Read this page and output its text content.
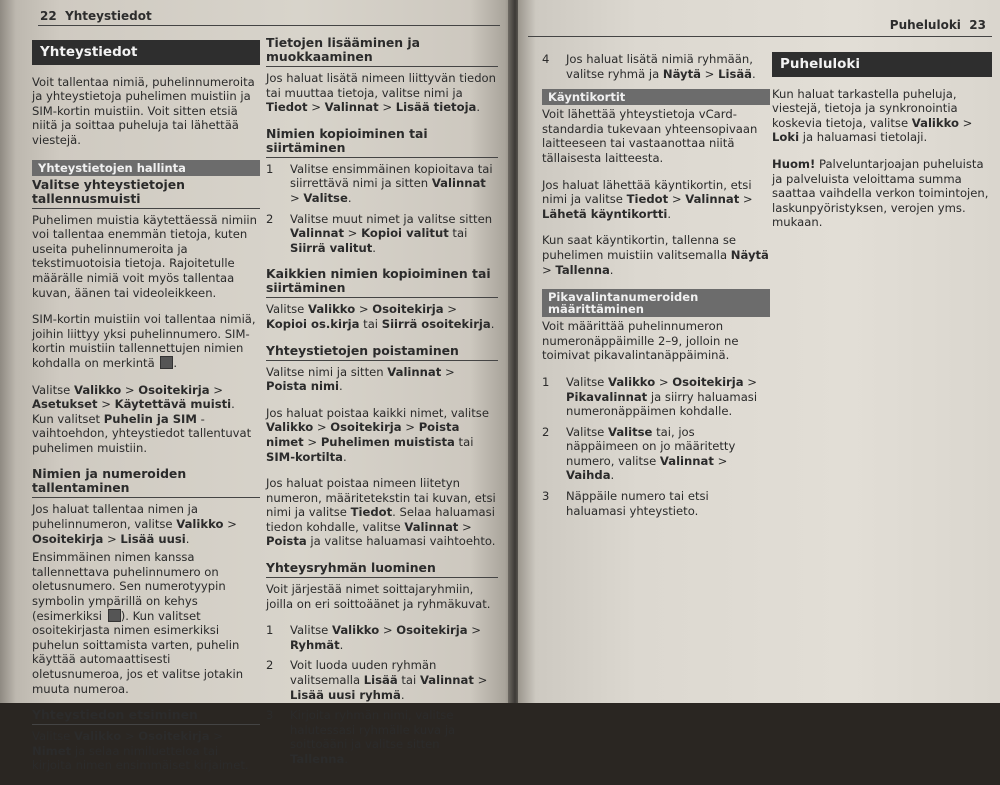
22 Yhteystiedot
Yhteystiedot

Voit tallentaa nimiä, puhelinnumeroita ja yhteystietoja puhelimen muistiin ja SIM-kortin muistiin. Voit sitten etsiä niitä ja soittaa puheluja tai lähettää viestejä.

Yhteystietojen hallinta
Valitse yhteystietojen tallennusmuisti

Puhelimen muistia käytettäessä nimiin voi tallentaa enemmän tietoja, kuten useita puhelinnumeroita ja tekstimuotoisia tietoja. Rajoitetulle määrälle nimiä voit myös tallentaa kuvan, äänen tai videoleikkeen.

SIM-kortin muistiin voi tallentaa nimiä, joihin liittyy yksi puhelinnumero. SIM-kortin muistiin tallennettujen nimien kohdalla on merkintä .

Valitse Valikko > Osoitekirja > Asetukset > Käytettävä muisti. Kun valitset Puhelin ja SIM -vaihtoehdon, yhteystiedot tallentuvat puhelimen muistiin.

Nimien ja numeroiden tallentaminen

Jos haluat tallentaa nimen ja puhelinnumeron, valitse Valikko > Osoitekirja > Lisää uusi.

Ensimmäinen nimen kanssa tallennettava puhelinnumero on oletusnumero. Sen numerotyypin symbolin ympärillä on kehys (esimerkiksi ). Kun valitset osoitekirjasta nimen esimerkiksi puhelun soittamista varten, puhelin käyttää automaattisesti oletusnumeroa, jos et valitse jotakin muuta numeroa.

Yhteystiedon etsiminen

Valitse Valikko > Osoitekirja > Nimet ja selaa nimiluetteloa tai kirjoita nimen ensimmäiset kirjaimet.

Tietojen lisääminen ja muokkaaminen

Jos haluat lisätä nimeen liittyvän tiedon tai muuttaa tietoja, valitse nimi ja Tiedot > Valinnat > Lisää tietoja.

Nimien kopioiminen tai siirtäminen
1 Valitse ensimmäinen kopioitava tai siirrettävä nimi ja sitten Valinnat > Valitse.
2 Valitse muut nimet ja valitse sitten Valinnat > Kopioi valitut tai Siirrä valitut.
Kaikkien nimien kopioiminen tai siirtäminen

Valitse Valikko > Osoitekirja > Kopioi os.kirja tai Siirrä osoitekirja.

Yhteystietojen poistaminen

Valitse nimi ja sitten Valinnat > Poista nimi.

Jos haluat poistaa kaikki nimet, valitse Valikko > Osoitekirja > Poista nimet > Puhelimen muistista tai SIM-kortilta.

Jos haluat poistaa nimeen liitetyn numeron, määritetekstin tai kuvan, etsi nimi ja valitse Tiedot. Selaa haluamasi tiedon kohdalle, valitse Valinnat > Poista ja valitse haluamasi vaihtoehto.

Yhteysryhmän luominen

Voit järjestää nimet soittajaryhmiin, joilla on eri soittoäänet ja ryhmäkuvat.

1 Valitse Valikko > Osoitekirja > Ryhmät.
2 Voit luoda uuden ryhmän valitsemalla Lisää tai Valinnat > Lisää uusi ryhmä.
3 Kirjoita ryhmän nimi, valitse halutessasi ryhmälle kuva ja soittoääni ja valitse sitten Tallenna.
Puheluloki 23
4 Jos haluat lisätä nimiä ryhmään, valitse ryhmä ja Näytä > Lisää.
Käyntikortit

Voit lähettää yhteystietoja vCard-standardia tukevaan yhteensopivaan laitteeseen tai vastaanottaa niitä tällaisesta laitteesta.

Jos haluat lähettää käyntikortin, etsi nimi ja valitse Tiedot > Valinnat > Lähetä käyntikortti.

Kun saat käyntikortin, tallenna se puhelimen muistiin valitsemalla Näytä > Tallenna.

Pikavalintanumeroiden määrittäminen

Voit määrittää puhelinnumeron numeronäppäimille 2–9, jolloin ne toimivat pikavalintanäppäiminä.

1 Valitse Valikko > Osoitekirja > Pikavalinnat ja siirry haluamasi numeronäppäimen kohdalle.
2 Valitse Valitse tai, jos näppäimeen on jo määritetty numero, valitse Valinnat > Vaihda.
3 Näppäile numero tai etsi haluamasi yhteystieto.
Puheluloki

Kun haluat tarkastella puheluja, viestejä, tietoja ja synkronointia koskevia tietoja, valitse Valikko > Loki ja haluamasi tietolaji.

Huom! Palveluntarjoajan puheluista ja palveluista veloittama summa saattaa vaihdella verkon toimintojen, laskunpyöristyksen, verojen yms. mukaan.
